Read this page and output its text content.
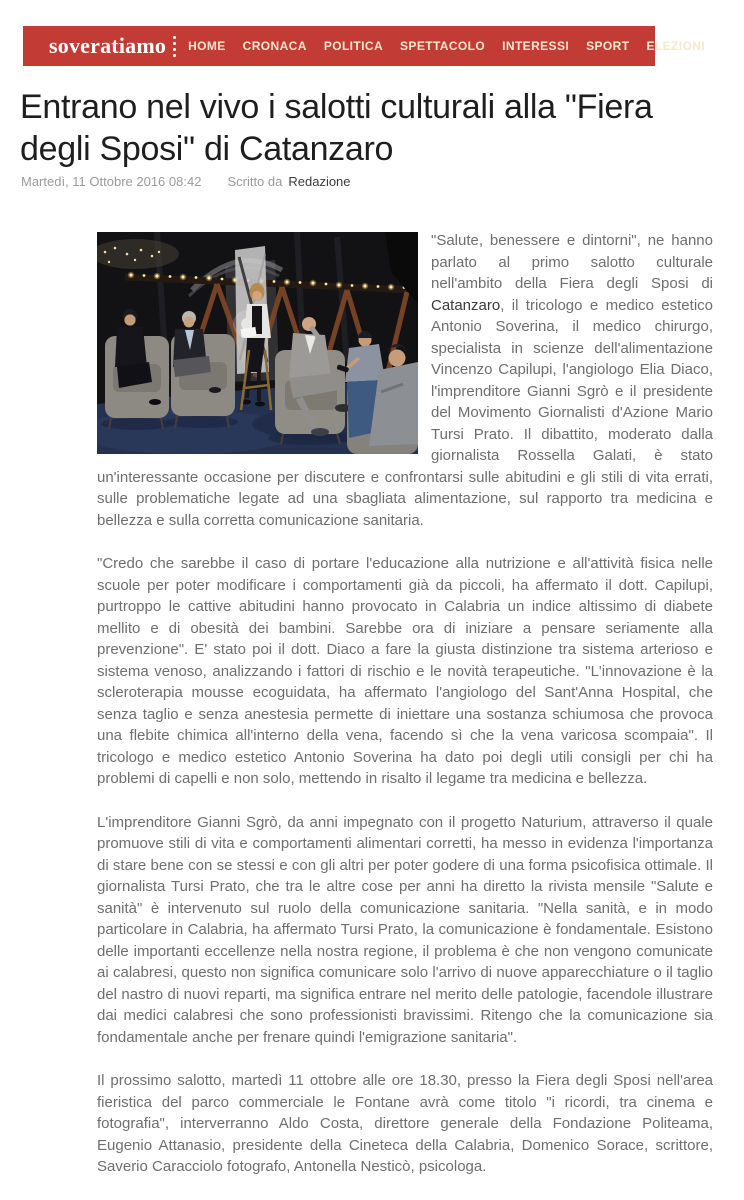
soveratiamo HOME CRONACA POLITICA SPETTACOLO INTERESSI SPORT ELEZIONI
Entrano nel vivo i salotti culturali alla "Fiera degli Sposi" di Catanzaro
Martedì, 11 Ottobre 2016 08:42 Scritto da Redazione

"Salute, benessere e dintorni", ne hanno parlato al primo salotto culturale nell'ambito della Fiera degli Sposi di Catanzaro, il tricologo e medico estetico Antonio Soverina, il medico chirurgo, specialista in scienze dell'alimentazione Vincenzo Capilupi, l'angiologo Elia Diaco, l'imprenditore Gianni Sgrò e il presidente del Movimento Giornalisti d'Azione Mario Tursi Prato. Il dibattito, moderato dalla giornalista Rossella Galati, è stato un'interessante occasione per discutere e confrontarsi sulle abitudini e gli stili di vita errati, sulle problematiche legate ad una sbagliata alimentazione, sul rapporto tra medicina e bellezza e sulla corretta comunicazione sanitaria.

"Credo che sarebbe il caso di portare l'educazione alla nutrizione e all'attività fisica nelle scuole per poter modificare i comportamenti già da piccoli, ha affermato il dott. Capilupi, purtroppo le cattive abitudini hanno provocato in Calabria un indice altissimo di diabete mellito e di obesità dei bambini. Sarebbe ora di iniziare a pensare seriamente alla prevenzione". E' stato poi il dott. Diaco a fare la giusta distinzione tra sistema arterioso e sistema venoso, analizzando i fattori di rischio e le novità terapeutiche. "L'innovazione è la scleroterapia mousse ecoguidata, ha affermato l'angiologo del Sant'Anna Hospital, che senza taglio e senza anestesia permette di iniettare una sostanza schiumosa che provoca una flebite chimica all'interno della vena, facendo sì che la vena varicosa scompaia". Il tricologo e medico estetico Antonio Soverina ha dato poi degli utili consigli per chi ha problemi di capelli e non solo, mettendo in risalto il legame tra medicina e bellezza.

L'imprenditore Gianni Sgrò, da anni impegnato con il progetto Naturium, attraverso il quale promuove stili di vita e comportamenti alimentari corretti, ha messo in evidenza l'importanza di stare bene con se stessi e con gli altri per poter godere di una forma psicofisica ottimale. Il giornalista Tursi Prato, che tra le altre cose per anni ha diretto la rivista mensile "Salute e sanità" è intervenuto sul ruolo della comunicazione sanitaria. "Nella sanità, e in modo particolare in Calabria, ha affermato Tursi Prato, la comunicazione è fondamentale. Esistono delle importanti eccellenze nella nostra regione, il problema è che non vengono comunicate ai calabresi, questo non significa comunicare solo l'arrivo di nuove apparecchiature o il taglio del nastro di nuovi reparti, ma significa entrare nel merito delle patologie, facendole illustrare dai medici calabresi che sono professionisti bravissimi. Ritengo che la comunicazione sia fondamentale anche per frenare quindi l'emigrazione sanitaria".

Il prossimo salotto, martedì 11 ottobre alle ore 18.30, presso la Fiera degli Sposi nell'area fieristica del parco commerciale le Fontane avrà come titolo "i ricordi, tra cinema e fotografia", interverranno Aldo Costa, direttore generale della Fondazione Politeama, Eugenio Attanasio, presidente della Cineteca della Calabria, Domenico Sorace, scrittore, Saverio Caracciolo fotografo, Antonella Nesticò, psicologa.
